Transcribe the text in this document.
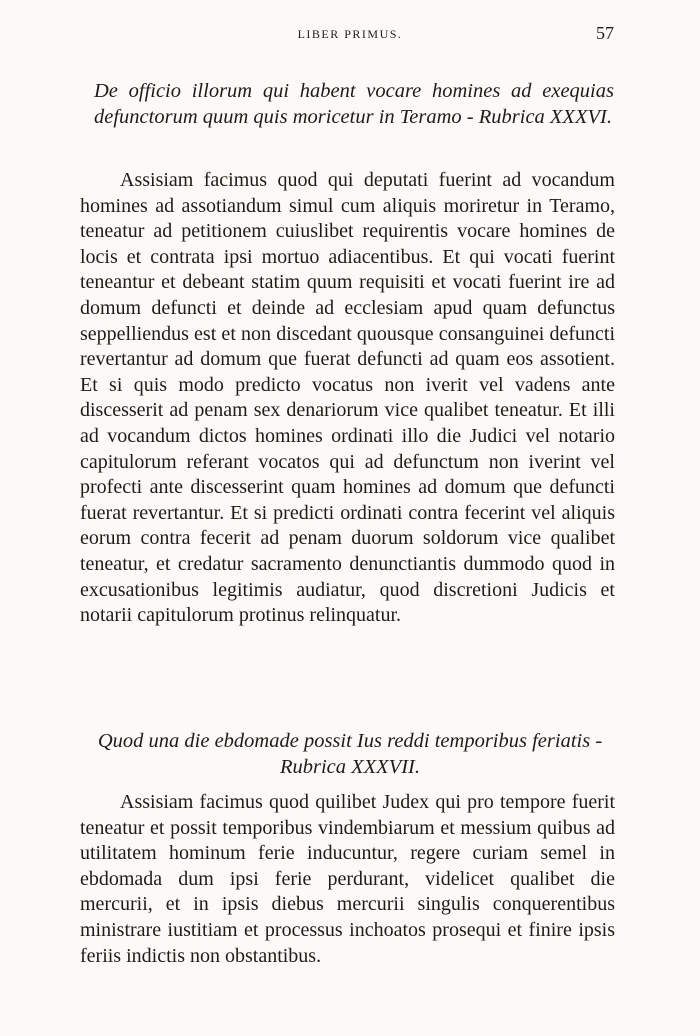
LIBER PRIMUS.	57
De officio illorum qui habent vocare homines ad exequias defunctorum quum quis moricetur in Teramo - Rubrica XXXVI.

Assisiam facimus quod qui deputati fuerint ad vocandum homines ad assotiandum simul cum aliquis moriretur in Teramo, teneatur ad petitionem cuiuslibet requirentis vocare homines de locis et contrata ipsi mortuo adiacentibus. Et qui vocati fuerint teneantur et debeant statim quum requisiti et vocati fuerint ire ad domum defuncti et deinde ad ecclesiam apud quam defunctus seppelliendus est et non discedant quousque consanguinei defuncti revertantur ad domum que fuerat defuncti ad quam eos assotient. Et si quis modo predicto vocatus non iverit vel vadens ante discesserit ad penam sex denariorum vice qualibet teneatur. Et illi ad vocandum dictos homines ordinati illo die Judici vel notario capitulorum referant vocatos qui ad defunctum non iverint vel profecti ante discesserint quam homines ad domum que defuncti fuerat revertantur. Et si predicti ordinati contra fecerint vel aliquis eorum contra fecerit ad penam duorum soldorum vice qualibet teneatur, et credatur sacramento denunctiantis dummodo quod in excusationibus legitimis audiatur, quod discretioni Judicis et notarii capitulorum protinus relinquatur.

Quod una die ebdomade possit Ius reddi temporibus feriatis - Rubrica XXXVII.

Assisiam facimus quod quilibet Judex qui pro tempore fuerit teneatur et possit temporibus vindembiarum et messium quibus ad utilitatem hominum ferie inducuntur, regere curiam semel in ebdomada dum ipsi ferie perdurant, videlicet qualibet die mercurii, et in ipsis diebus mercurii singulis conquerentibus ministrare iustitiam et processus inchoatos prosequi et finire ipsis feriis indictis non obstantibus.
